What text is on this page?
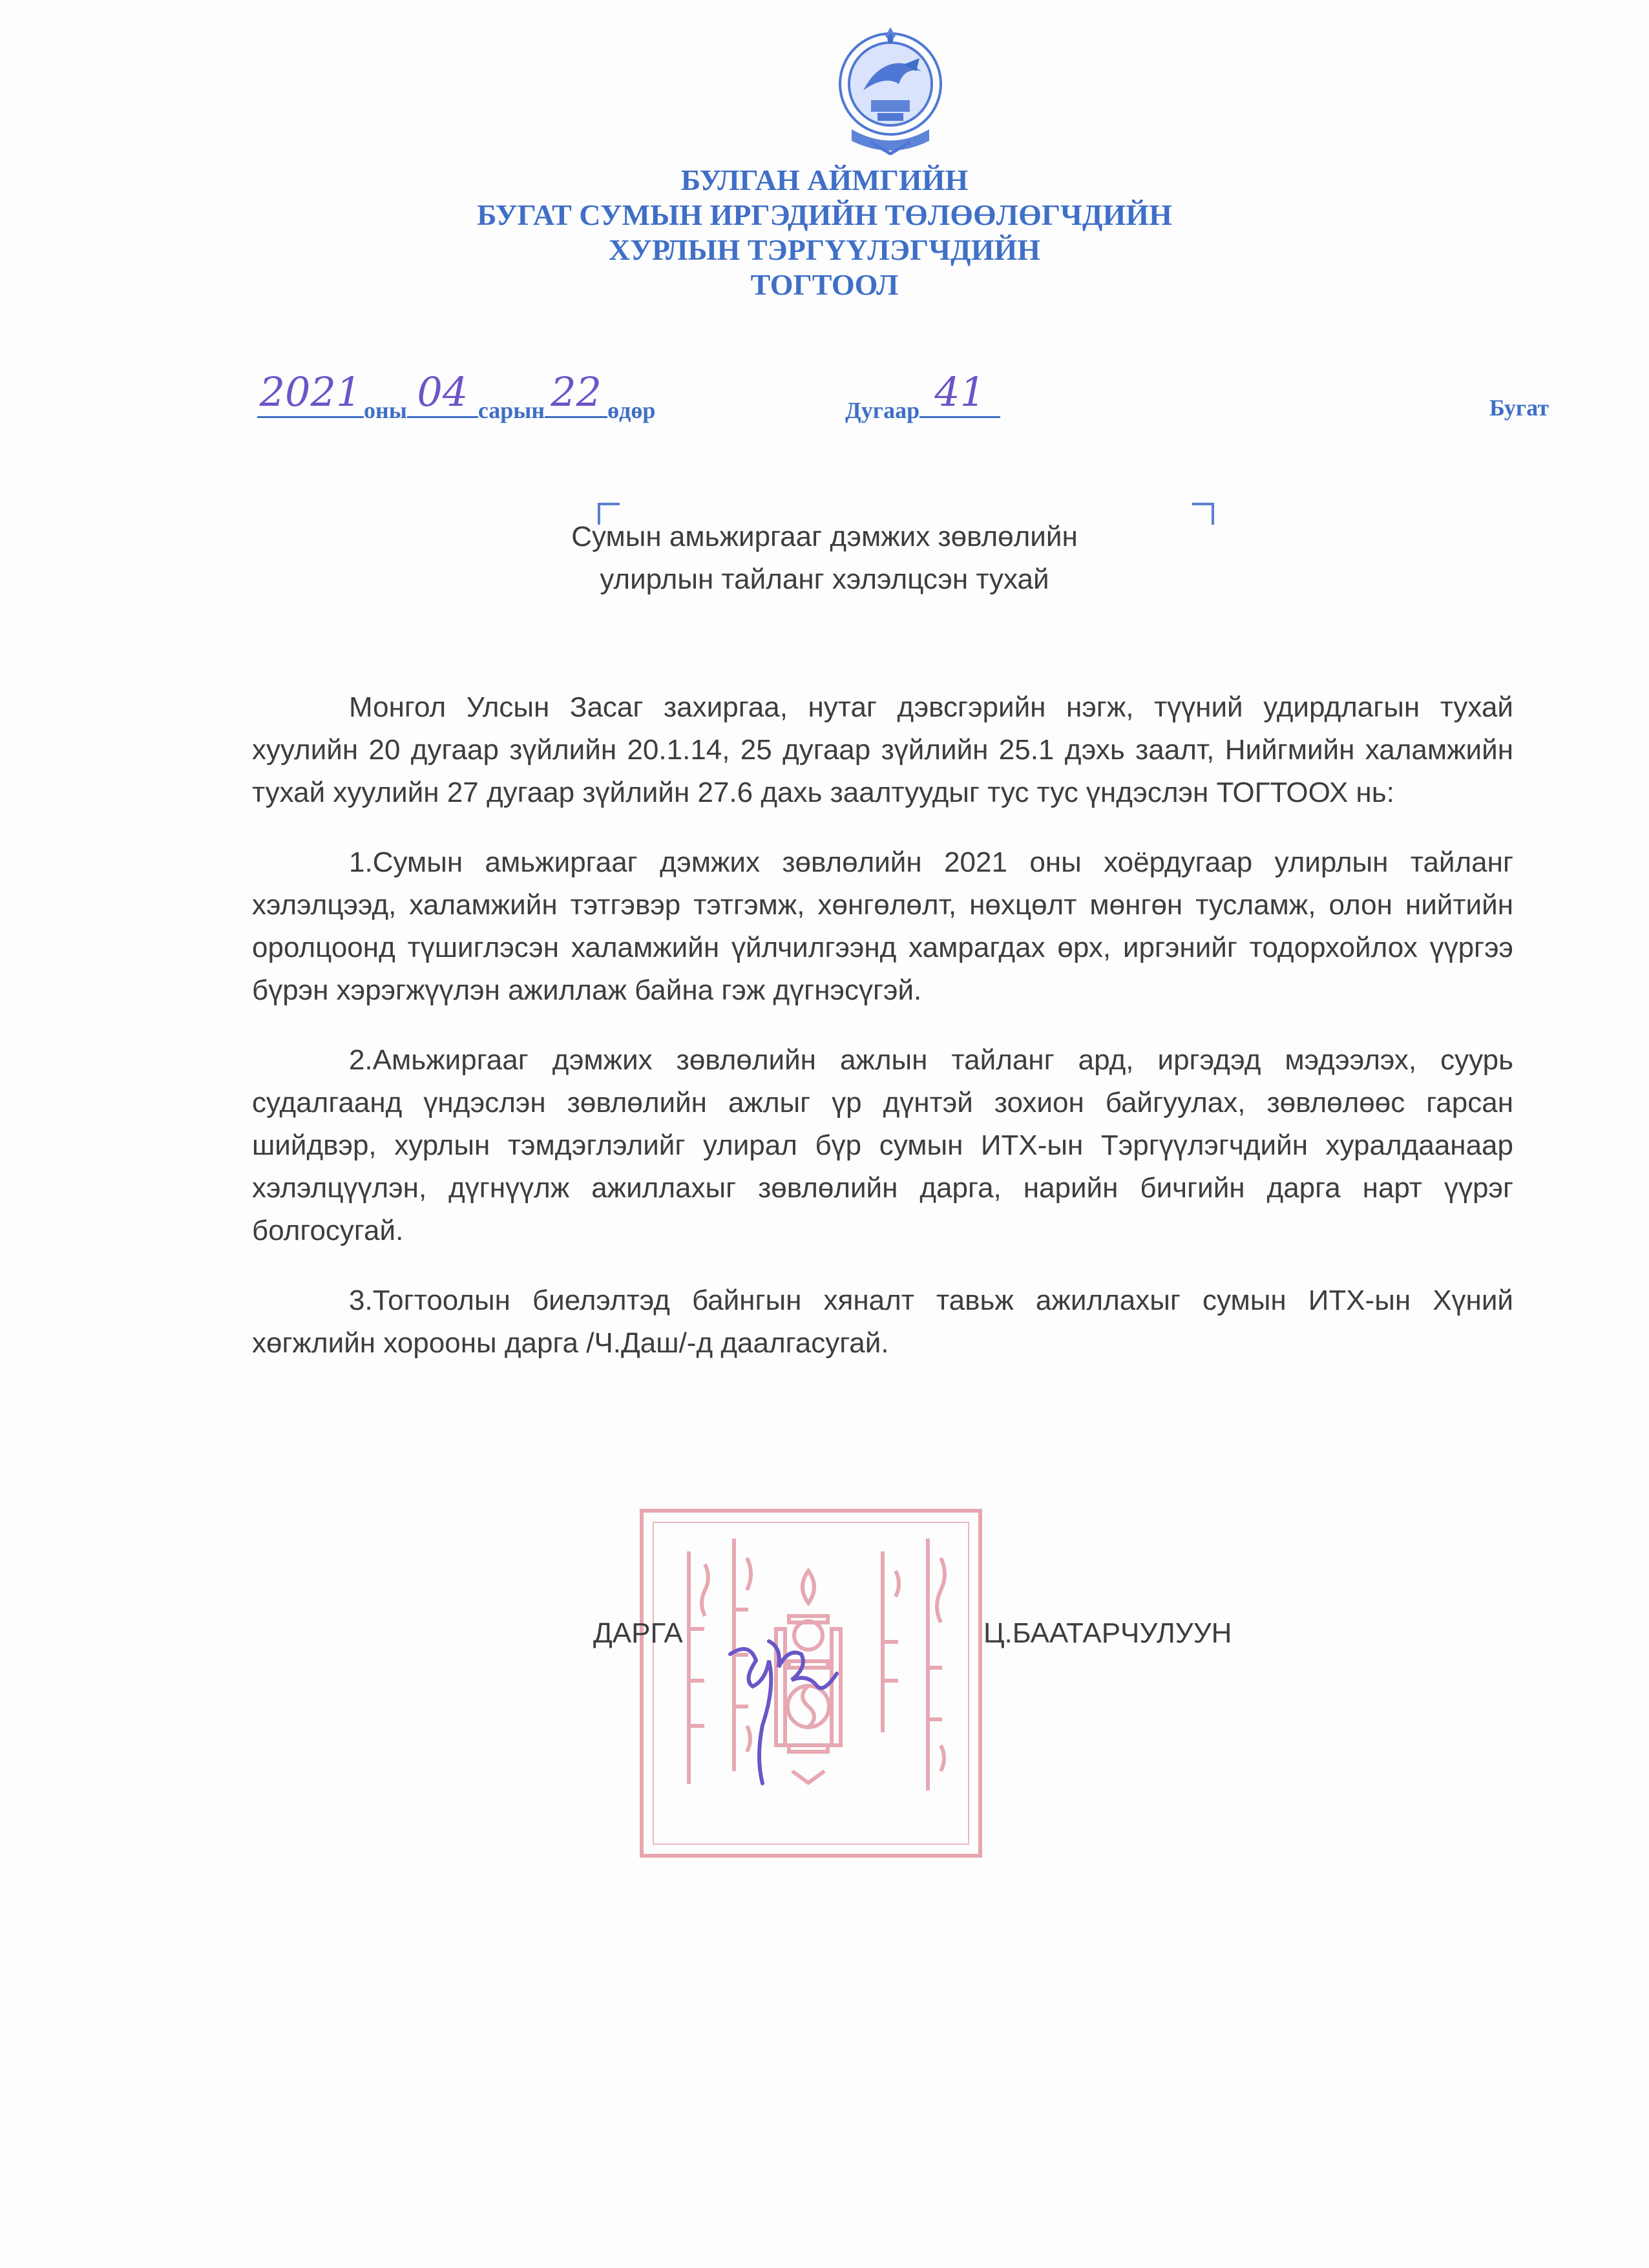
БУЛГАН АЙМГИЙН
БУГАТ СУМЫН ИРГЭДИЙН ТӨЛӨӨЛӨГЧДИЙН
ХУРЛЫН ТЭРГҮҮЛЭГЧДИЙН
ТОГТООЛ
2021 оны 04 сарын 22 өдөр	Дугаар 41	Бугат
Сумын амьжиргааг дэмжих зөвлөлийн
улирлын тайланг хэлэлцсэн тухай

Монгол Улсын Засаг захиргаа, нутаг дэвсгэрийн нэгж, түүний удирдлагын тухай хуулийн 20 дугаар зүйлийн 20.1.14, 25 дугаар зүйлийн 25.1 дэхь заалт, Нийгмийн халамжийн тухай хуулийн 27 дугаар зүйлийн 27.6 дахь заалтуудыг тус тус үндэслэн ТОГТООХ нь:

1.Сумын амьжиргааг дэмжих зөвлөлийн 2021 оны хоёрдугаар улирлын тайланг хэлэлцээд, халамжийн тэтгэвэр тэтгэмж, хөнгөлөлт, нөхцөлт мөнгөн тусламж, олон нийтийн оролцоонд түшиглэсэн халамжийн үйлчилгээнд хамрагдах өрх, иргэнийг тодорхойлох үүргээ бүрэн хэрэгжүүлэн ажиллаж байна гэж дүгнэсүгэй.

2.Амьжиргааг дэмжих зөвлөлийн ажлын тайланг ард, иргэдэд мэдээлэх, суурь судалгаанд үндэслэн зөвлөлийн ажлыг үр дүнтэй зохион байгуулах, зөвлөлөөс гарсан шийдвэр, хурлын тэмдэглэлийг улирал бүр сумын ИТХ-ын Тэргүүлэгчдийн хуралдаанаар хэлэлцүүлэн, дүгнүүлж ажиллахыг зөвлөлийн дарга, нарийн бичгийн дарга нарт үүрэг болгосугай.

3.Тогтоолын биелэлтэд байнгын хяналт тавьж ажиллахыг сумын ИТХ-ын Хүний хөгжлийн хорооны дарга /Ч.Даш/-д даалгасугай.

ДАРГА	Ц.БААТАРЧУЛУУН
